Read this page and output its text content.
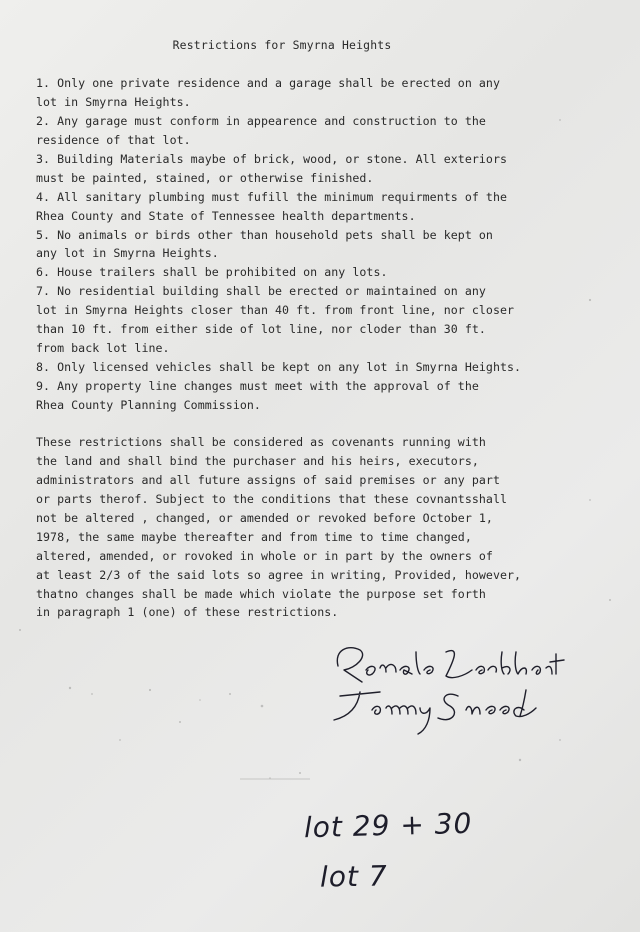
Restrictions for Smyrna Heights
1. Only one private residence and a garage shall be erected on any
lot in Smyrna Heights.
2. Any garage must conform in appearence and construction to the
residence of that lot.
3. Building Materials maybe of brick, wood, or stone. All exteriors
must be painted, stained, or otherwise finished.
4. All sanitary plumbing must fufill the minimum requirments of the
Rhea County and State of Tennessee health departments.
5. No animals or birds other than household pets shall be kept on
any lot in Smyrna Heights.
6. House trailers shall be prohibited on any lots.
7. No residential building shall be erected or maintained on any
lot in Smyrna Heights closer than 40 ft. from front line, nor closer
than 10 ft. from either side of lot line, nor cloder than 30 ft.
from back lot line.
8. Only licensed vehicles shall be kept on any lot in Smyrna Heights.
9. Any property line changes must meet with the approval of the
Rhea County Planning Commission.
These restrictions shall be considered as covenants running with
the land and shall bind the purchaser and his heirs, executors,
administrators and all future assigns of said premises or any part
or parts therof. Subject to the conditions that these covnantsshall
not be altered , changed, or amended or revoked before October 1,
1978, the same maybe thereafter and from time to time changed,
altered, amended, or rovoked in whole or in part by the owners of
at least 2/3 of the said lots so agree in writing, Provided, however,
thatno changes shall be made which violate the purpose set forth
in paragraph 1 (one) of these restrictions.
lot 29 + 30
lot 7
